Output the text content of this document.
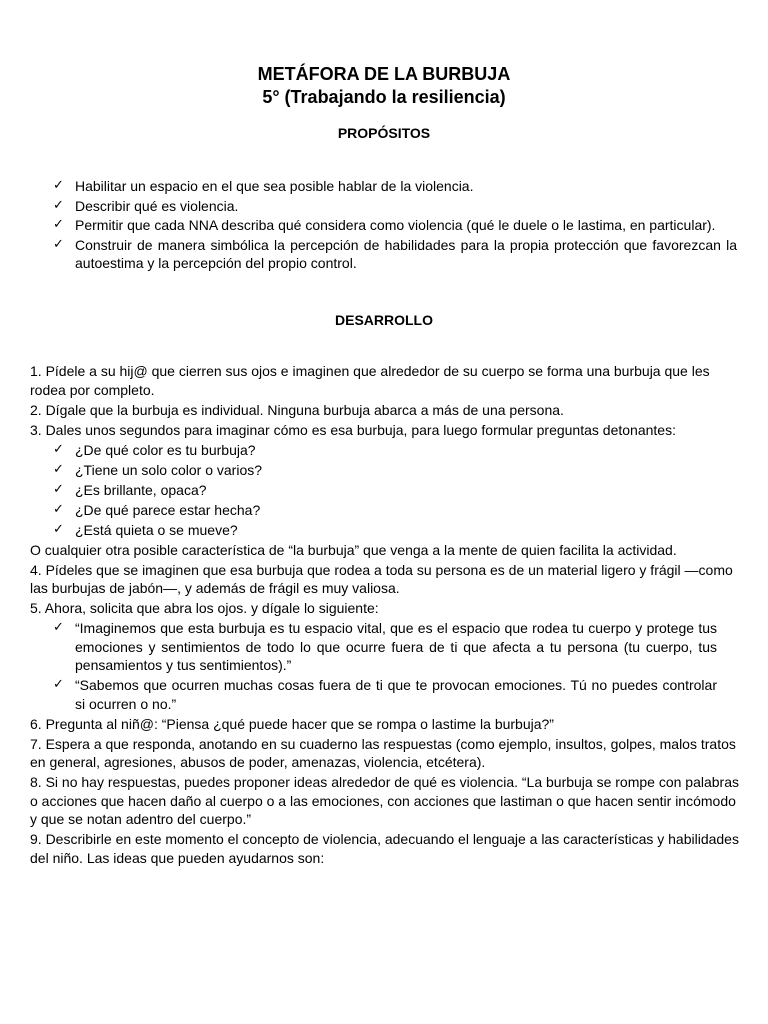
METÁFORA DE LA BURBUJA
5° (Trabajando la resiliencia)
PROPÓSITOS
✓ Habilitar un espacio en el que sea posible hablar de la violencia.
✓ Describir qué es violencia.
✓ Permitir que cada NNA describa qué considera como violencia (qué le duele o le lastima, en particular).
✓ Construir de manera simbólica la percepción de habilidades para la propia protección que favorezcan la autoestima y la percepción del propio control.
DESARROLLO

1. Pídele a su hij@ que cierren sus ojos e imaginen que alrededor de su cuerpo se forma una burbuja que les rodea por completo.

2. Dígale que la burbuja es individual. Ninguna burbuja abarca a más de una persona.

3. Dales unos segundos para imaginar cómo es esa burbuja, para luego formular preguntas detonantes:

✓ ¿De qué color es tu burbuja?
✓ ¿Tiene un solo color o varios?
✓ ¿Es brillante, opaca?
✓ ¿De qué parece estar hecha?
✓ ¿Está quieta o se mueve?

O cualquier otra posible característica de “la burbuja” que venga a la mente de quien facilita la actividad.

4. Pídeles que se imaginen que esa burbuja que rodea a toda su persona es de un material ligero y frágil —como las burbujas de jabón—, y además de frágil es muy valiosa.

5. Ahora, solicita que abra los ojos. y dígale lo siguiente:

✓ “Imaginemos que esta burbuja es tu espacio vital, que es el espacio que rodea tu cuerpo y protege tus emociones y sentimientos de todo lo que ocurre fuera de ti que afecta a tu persona (tu cuerpo, tus pensamientos y tus sentimientos).”
✓ “Sabemos que ocurren muchas cosas fuera de ti que te provocan emociones. Tú no puedes controlar si ocurren o no.”

6. Pregunta al niñ@: “Piensa ¿qué puede hacer que se rompa o lastime la burbuja?”

7. Espera a que responda, anotando en su cuaderno las respuestas (como ejemplo, insultos, golpes, malos tratos en general, agresiones, abusos de poder, amenazas, violencia, etcétera).

8. Si no hay respuestas, puedes proponer ideas alrededor de qué es violencia. “La burbuja se rompe con palabras o acciones que hacen daño al cuerpo o a las emociones, con acciones que lastiman o que hacen sentir incómodo y que se notan adentro del cuerpo.”

9. Describirle en este momento el concepto de violencia, adecuando el lenguaje a las características y habilidades del niño. Las ideas que pueden ayudarnos son:
